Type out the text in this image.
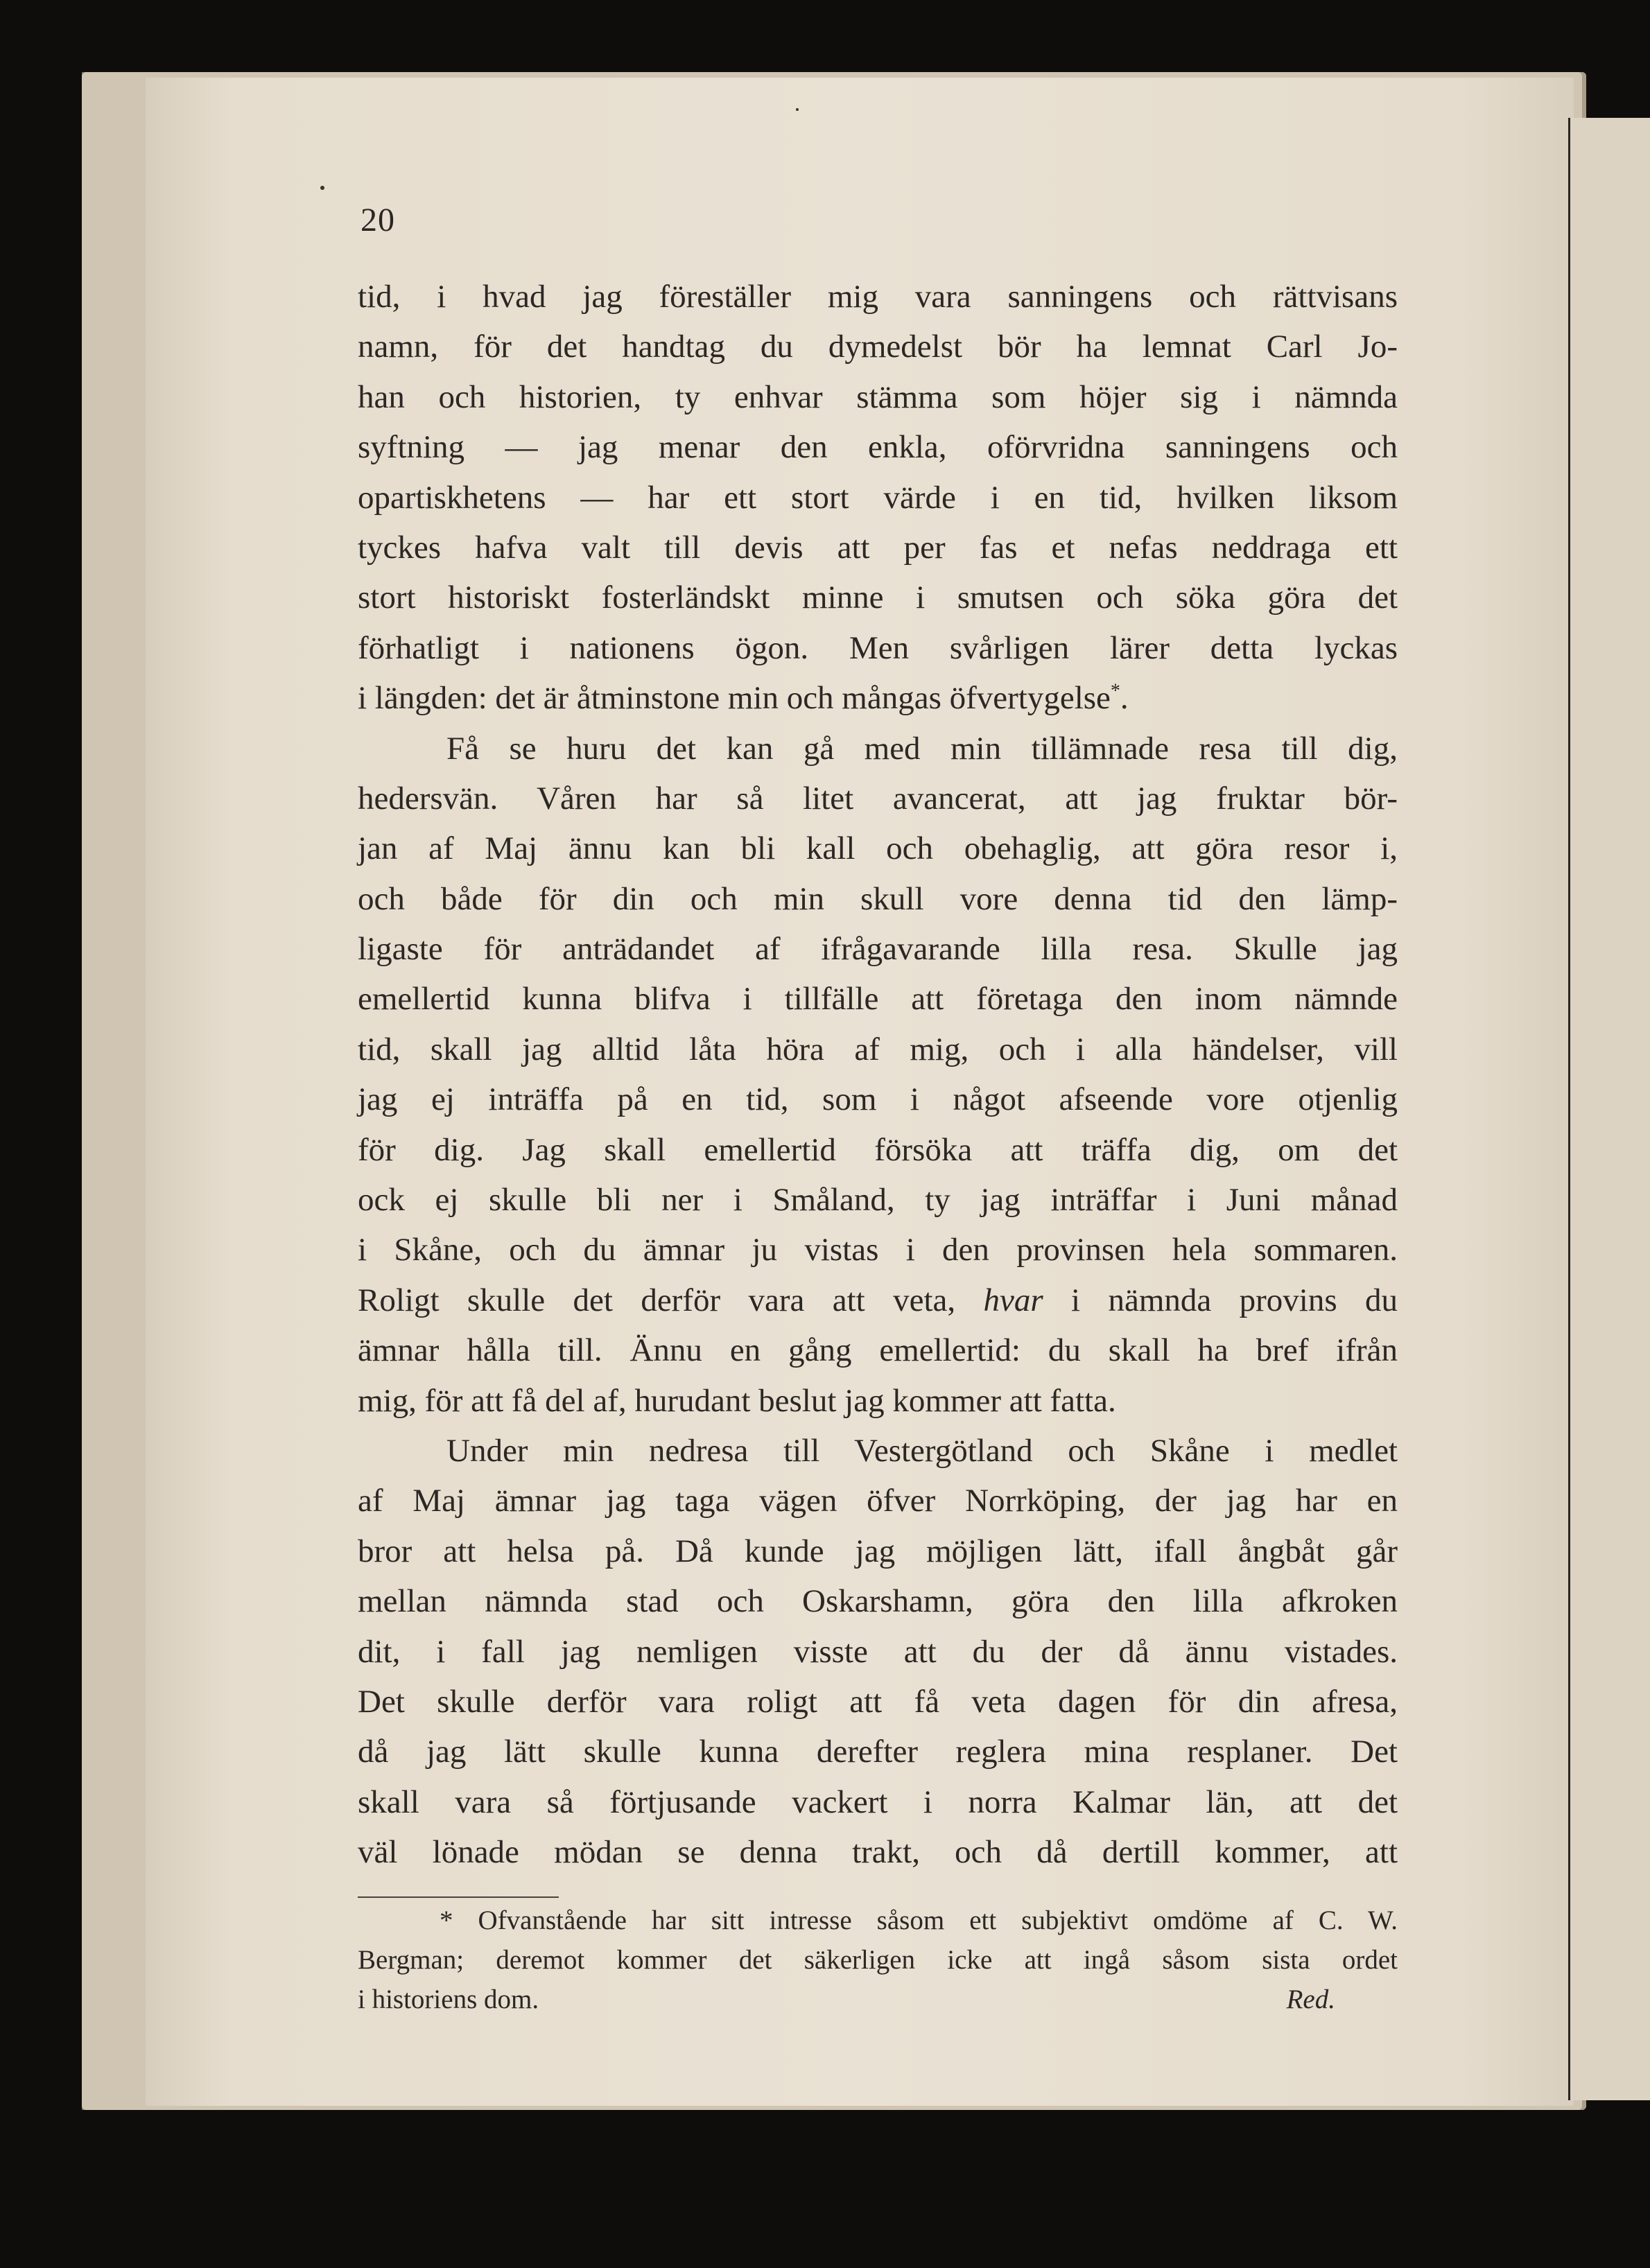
20
tid, i hvad jag föreställer mig vara sanningens och rättvisans
namn, för det handtag du dymedelst bör ha lemnat Carl Jo-
han och historien, ty enhvar stämma som höjer sig i nämnda
syftning — jag menar den enkla, oförvridna sanningens och
opartiskhetens — har ett stort värde i en tid, hvilken liksom
tyckes hafva valt till devis att per fas et nefas neddraga ett
stort historiskt fosterländskt minne i smutsen och söka göra det
förhatligt i nationens ögon. Men svårligen lärer detta lyckas
i längden: det är åtminstone min och mångas öfvertygelse*.
Få se huru det kan gå med min tillämnade resa till dig,
hedersvän. Våren har så litet avancerat, att jag fruktar bör-
jan af Maj ännu kan bli kall och obehaglig, att göra resor i,
och både för din och min skull vore denna tid den lämp-
ligaste för anträdandet af ifrågavarande lilla resa. Skulle jag
emellertid kunna blifva i tillfälle att företaga den inom nämnde
tid, skall jag alltid låta höra af mig, och i alla händelser, vill
jag ej inträffa på en tid, som i något afseende vore otjenlig
för dig. Jag skall emellertid försöka att träffa dig, om det
ock ej skulle bli ner i Småland, ty jag inträffar i Juni månad
i Skåne, och du ämnar ju vistas i den provinsen hela sommaren.
Roligt skulle det derför vara att veta, hvar i nämnda provins du
ämnar hålla till. Ännu en gång emellertid: du skall ha bref ifrån
mig, för att få del af, hurudant beslut jag kommer att fatta.
Under min nedresa till Vestergötland och Skåne i medlet
af Maj ämnar jag taga vägen öfver Norrköping, der jag har en
bror att helsa på. Då kunde jag möjligen lätt, ifall ångbåt går
mellan nämnda stad och Oskarshamn, göra den lilla afkroken
dit, i fall jag nemligen visste att du der då ännu vistades.
Det skulle derför vara roligt att få veta dagen för din afresa,
då jag lätt skulle kunna derefter reglera mina resplaner. Det
skall vara så förtjusande vackert i norra Kalmar län, att det
väl lönade mödan se denna trakt, och då dertill kommer, att
* Ofvanstående har sitt intresse såsom ett subjektivt omdöme af C. W.
Bergman; deremot kommer det säkerligen icke att ingå såsom sista ordet
i historiens dom.	Red.
